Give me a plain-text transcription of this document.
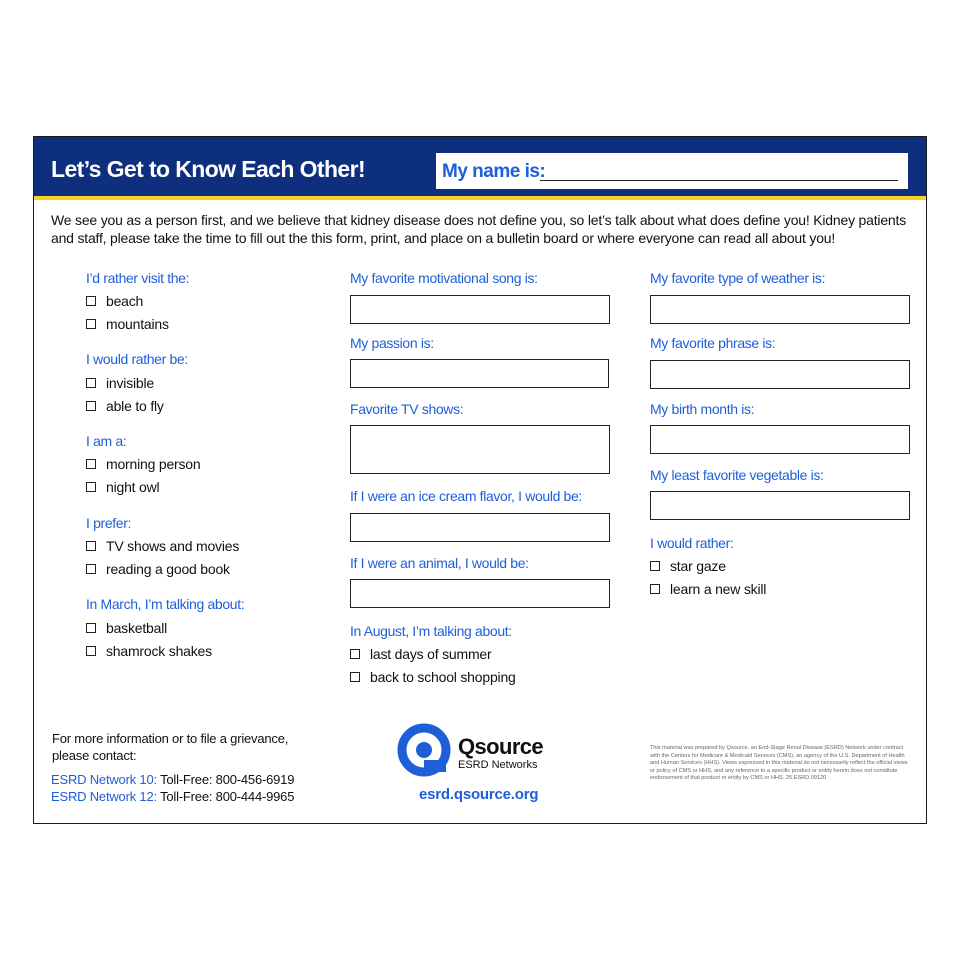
Let’s Get to Know Each Other!	My name is:
We see you as a person first, and we believe that kidney disease does not define you, so let’s talk about what does define you! Kidney patients and staff, please take the time to fill out the this form, print, and place on a bulletin board or where everyone can read all about you!
I’d rather visit the:
beach
mountains
I would rather be:
invisible
able to fly
I am a:
morning person
night owl
I prefer:
TV shows and movies
reading a good book
In March, I’m talking about:
basketball
shamrock shakes
My favorite motivational song is:
My passion is:
Favorite TV shows:
If I were an ice cream flavor, I would be:
If I were an animal, I would be:
In August, I’m talking about:
last days of summer
back to school shopping
My favorite type of weather is:
My favorite phrase is:
My birth month is:
My least favorite vegetable is:
I would rather:
star gaze
learn a new skill
For more information or to file a grievance,
please contact:
ESRD Network 10: Toll-Free: 800-456-6919
ESRD Network 12: Toll-Free: 800-444-9965
Qsource
ESRD Networks
esrd.qsource.org
This material was prepared by Qsource, an End-Stage Renal Disease (ESRD) Network under contract with the Centers for Medicare & Medicaid Services (CMS), an agency of the U.S. Department of Health and Human Services (HHS). Views expressed in this material do not necessarily reflect the official views or policy of CMS or HHS, and any reference to a specific product or entity herein does not constitute endorsement of that product or entity by CMS or HHS. 25.ESRD.09120
